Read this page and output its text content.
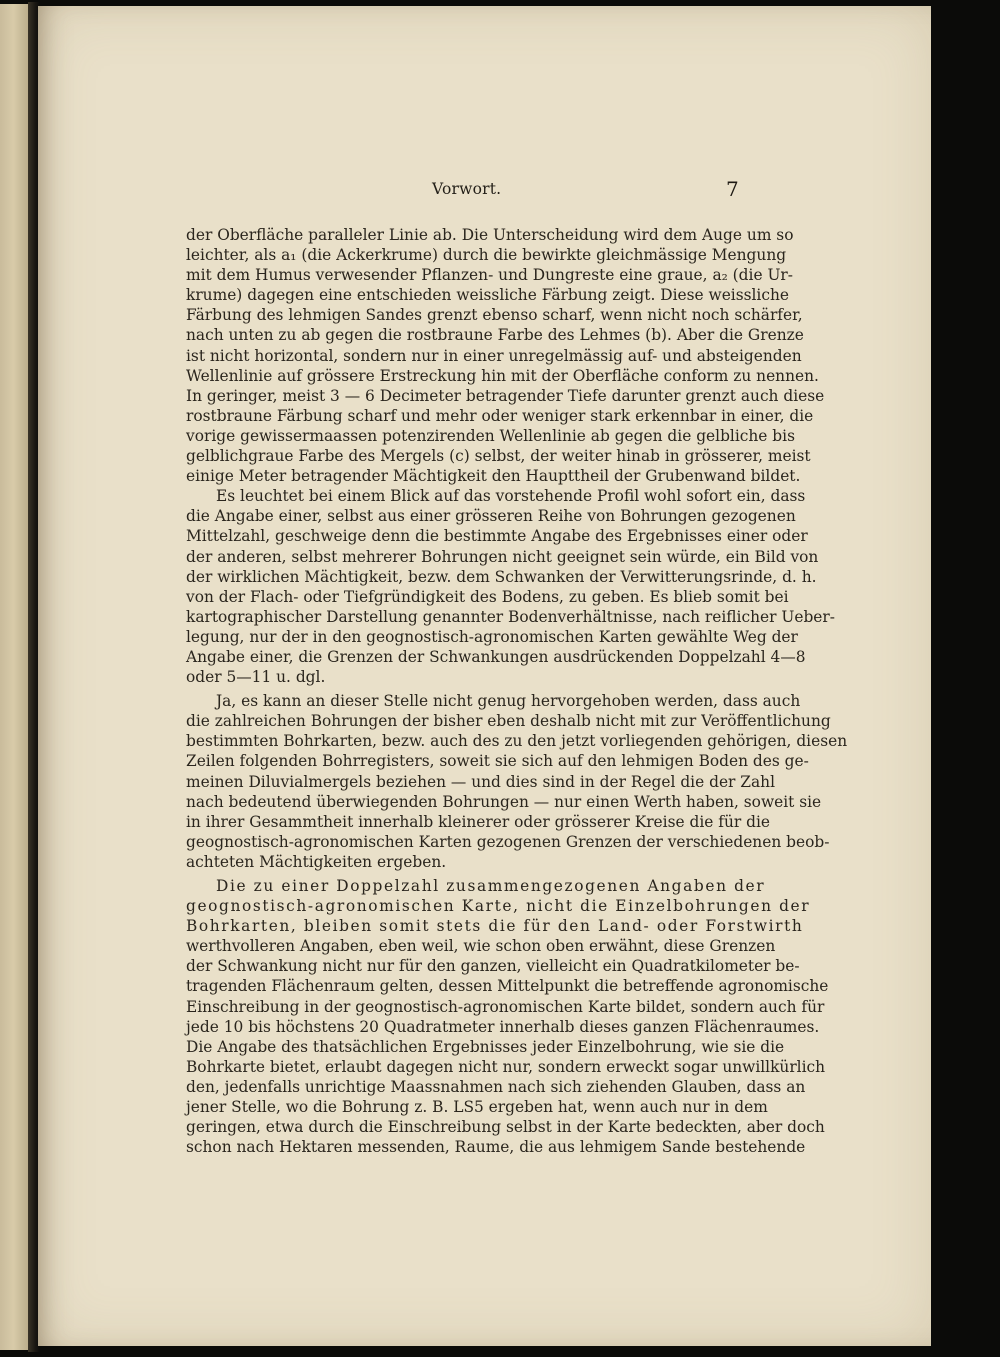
Vorwort.	7
der Oberfläche paralleler Linie ab. Die Unterscheidung wird dem Auge um so
leichter, als a₁ (die Ackerkrume) durch die bewirkte gleichmässige Mengung
mit dem Humus verwesender Pflanzen- und Dungreste eine graue, a₂ (die Ur-
krume) dagegen eine entschieden weissliche Färbung zeigt. Diese weissliche
Färbung des lehmigen Sandes grenzt ebenso scharf, wenn nicht noch schärfer,
nach unten zu ab gegen die rostbraune Farbe des Lehmes (b). Aber die Grenze
ist nicht horizontal, sondern nur in einer unregelmässig auf- und absteigenden
Wellenlinie auf grössere Erstreckung hin mit der Oberfläche conform zu nennen.
In geringer, meist 3 — 6 Decimeter betragender Tiefe darunter grenzt auch diese
rostbraune Färbung scharf und mehr oder weniger stark erkennbar in einer, die
vorige gewissermaassen potenzirenden Wellenlinie ab gegen die gelbliche bis
gelblichgraue Farbe des Mergels (c) selbst, der weiter hinab in grösserer, meist
einige Meter betragender Mächtigkeit den Haupttheil der Grubenwand bildet.
Es leuchtet bei einem Blick auf das vorstehende Profil wohl sofort ein, dass
die Angabe einer, selbst aus einer grösseren Reihe von Bohrungen gezogenen
Mittelzahl, geschweige denn die bestimmte Angabe des Ergebnisses einer oder
der anderen, selbst mehrerer Bohrungen nicht geeignet sein würde, ein Bild von
der wirklichen Mächtigkeit, bezw. dem Schwanken der Verwitterungsrinde, d. h.
von der Flach- oder Tiefgründigkeit des Bodens, zu geben. Es blieb somit bei
kartographischer Darstellung genannter Bodenverhältnisse, nach reiflicher Ueber-
legung, nur der in den geognostisch-agronomischen Karten gewählte Weg der
Angabe einer, die Grenzen der Schwankungen ausdrückenden Doppelzahl 4—8
oder 5—11 u. dgl.
Ja, es kann an dieser Stelle nicht genug hervorgehoben werden, dass auch
die zahlreichen Bohrungen der bisher eben deshalb nicht mit zur Veröffentlichung
bestimmten Bohrkarten, bezw. auch des zu den jetzt vorliegenden gehörigen, diesen
Zeilen folgenden Bohrregisters, soweit sie sich auf den lehmigen Boden des ge-
meinen Diluvialmergels beziehen — und dies sind in der Regel die der Zahl
nach bedeutend überwiegenden Bohrungen — nur einen Werth haben, soweit sie
in ihrer Gesammtheit innerhalb kleinerer oder grösserer Kreise die für die
geognostisch-agronomischen Karten gezogenen Grenzen der verschiedenen beob-
achteten Mächtigkeiten ergeben.
Die zu einer Doppelzahl zusammengezogenen Angaben der
geognostisch-agronomischen Karte, nicht die Einzelbohrungen der
Bohrkarten, bleiben somit stets die für den Land- oder Forstwirth
werthvolleren Angaben, eben weil, wie schon oben erwähnt, diese Grenzen
der Schwankung nicht nur für den ganzen, vielleicht ein Quadratkilometer be-
tragenden Flächenraum gelten, dessen Mittelpunkt die betreffende agronomische
Einschreibung in der geognostisch-agronomischen Karte bildet, sondern auch für
jede 10 bis höchstens 20 Quadratmeter innerhalb dieses ganzen Flächenraumes.
Die Angabe des thatsächlichen Ergebnisses jeder Einzelbohrung, wie sie die
Bohrkarte bietet, erlaubt dagegen nicht nur, sondern erweckt sogar unwillkürlich
den, jedenfalls unrichtige Maassnahmen nach sich ziehenden Glauben, dass an
jener Stelle, wo die Bohrung z. B. LS5 ergeben hat, wenn auch nur in dem
geringen, etwa durch die Einschreibung selbst in der Karte bedeckten, aber doch
schon nach Hektaren messenden, Raume, die aus lehmigem Sande bestehende
